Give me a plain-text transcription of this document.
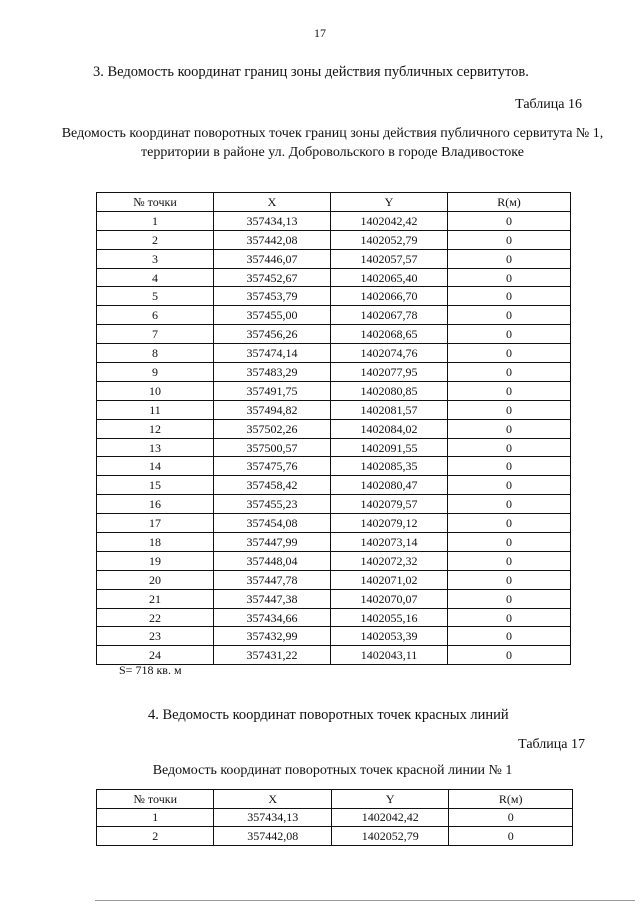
17
3. Ведомость координат границ зоны действия публичных сервитутов.
Таблица 16
Ведомость координат поворотных точек границ зоны действия публичного сервитута № 1, территории в районе ул. Добровольского в городе Владивостоке
№ точки	X	Y	R(м)
1	357434,13	1402042,42	0
2	357442,08	1402052,79	0
3	357446,07	1402057,57	0
4	357452,67	1402065,40	0
5	357453,79	1402066,70	0
6	357455,00	1402067,78	0
7	357456,26	1402068,65	0
8	357474,14	1402074,76	0
9	357483,29	1402077,95	0
10	357491,75	1402080,85	0
11	357494,82	1402081,57	0
12	357502,26	1402084,02	0
13	357500,57	1402091,55	0
14	357475,76	1402085,35	0
15	357458,42	1402080,47	0
16	357455,23	1402079,57	0
17	357454,08	1402079,12	0
18	357447,99	1402073,14	0
19	357448,04	1402072,32	0
20	357447,78	1402071,02	0
21	357447,38	1402070,07	0
22	357434,66	1402055,16	0
23	357432,99	1402053,39	0
24	357431,22	1402043,11	0
S= 718 кв. м
4. Ведомость координат поворотных точек красных линий
Таблица 17
Ведомость координат поворотных точек красной линии № 1
№ точки	X	Y	R(м)
1	357434,13	1402042,42	0
2	357442,08	1402052,79	0
